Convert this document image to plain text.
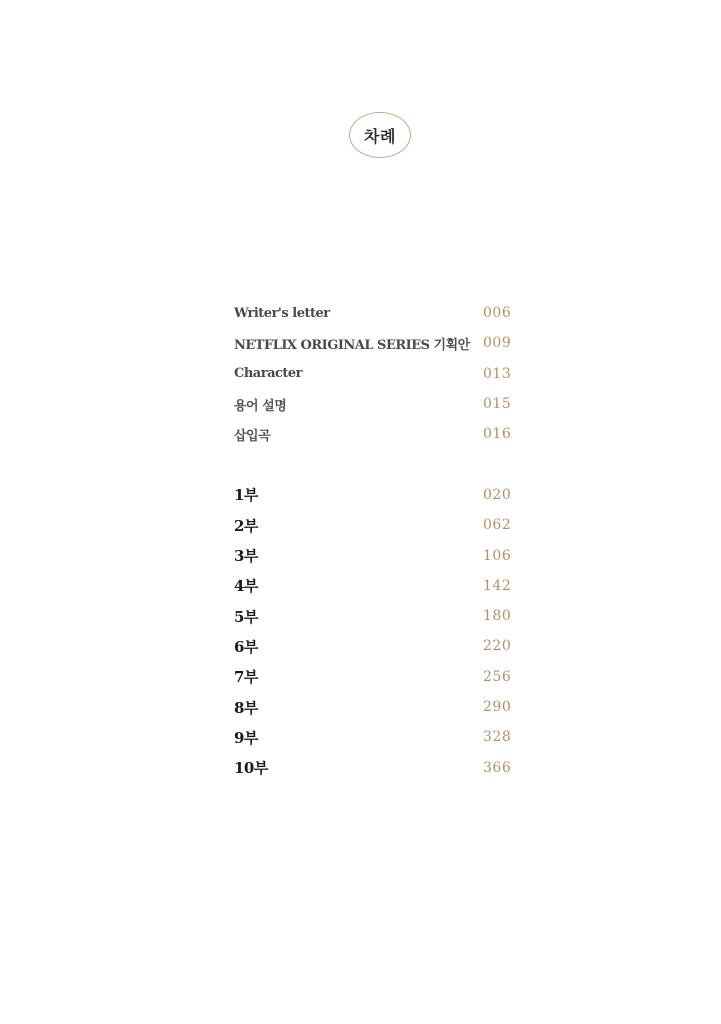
차례
Writer's letter	006
NETFLIX ORIGINAL SERIES 기획안 009
Character	013
용어 설명	015
삽입곡	016
1부	020
2부	062
3부	106
4부	142
5부	180
6부	220
7부	256
8부	290
9부	328
10부	366
